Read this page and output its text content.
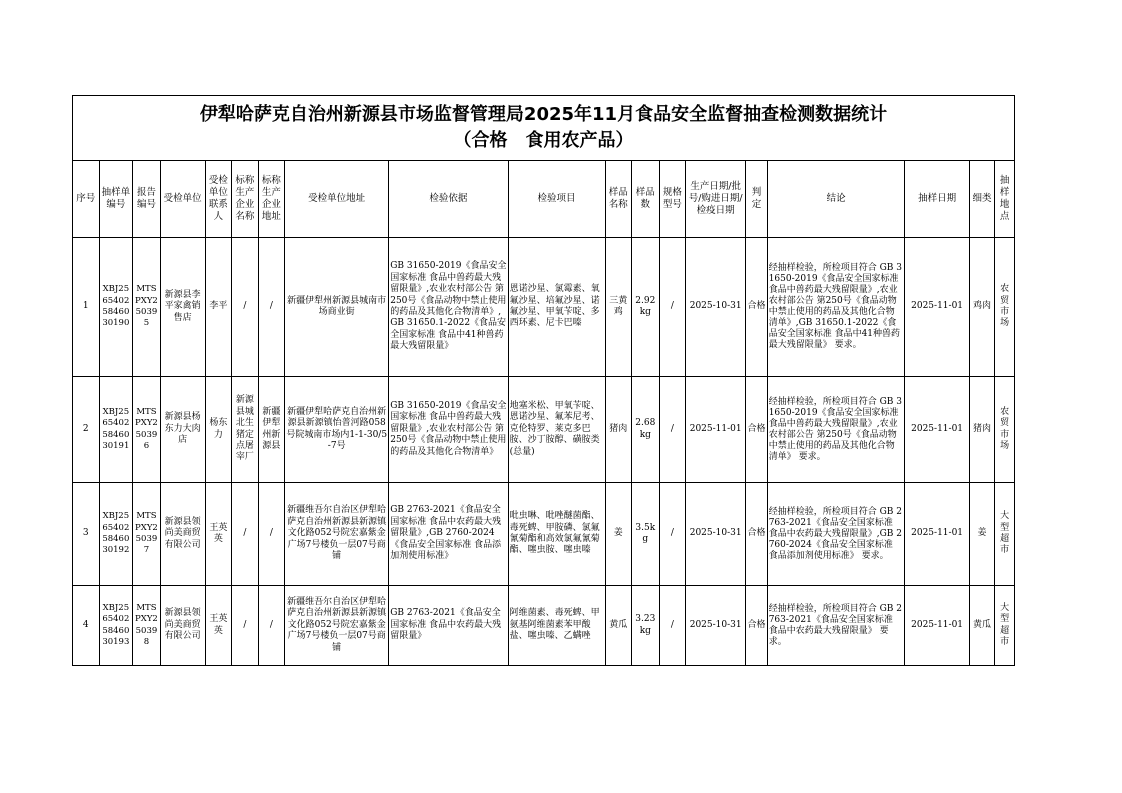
伊犁哈萨克自治州新源县市场监督管理局2025年11月食品安全监督抽查检测数据统计
（合格　食用农产品）																		

序号	抽样单编号	报告编号	受检单位	受检单位联系人	标称生产企业名称	标称生产企业地址	受检单位地址	检验依据	检验项目	样品名称	样品数	规格型号	生产日期/批号/购进日期/检疫日期	判定	结论	抽样日期	细类	抽样地点
1	XBJ25654025846030190	MTSPXY250395	新源县李平家禽销售店	李平	/	/	新疆伊犁州新源县城南市场商业街	GB 31650-2019《食品安全国家标准 食品中兽药最大残留限量》,农业农村部公告 第250号《食品动物中禁止使用的药品及其他化合物清单》,GB 31650.1-2022《食品安全国家标准 食品中41种兽药最大残留限量》	恩诺沙星、氯霉素、氧氟沙星、培氟沙星、诺氟沙星、甲氧苄啶、多西环素、尼卡巴嗪	三黄鸡	2.92kg	/	2025-10-31	合格	经抽样检验，所检项目符合 GB 31650-2019《食品安全国家标准 食品中兽药最大残留限量》,农业农村部公告 第250号《食品动物中禁止使用的药品及其他化合物清单》,GB 31650.1-2022《食品安全国家标准 食品中41种兽药最大残留限量》 要求。	2025-11-01	鸡肉	农贸市场
2	XBJ25654025846030191	MTSPXY250396	新源县杨东力大肉店	杨东力	新源县城北生猪定点屠宰厂	新疆伊犁州新源县	新疆伊犁哈萨克自治州新源县新源镇怡普河路058号院城南市场内1-1-30/5-7号	GB 31650-2019《食品安全国家标准 食品中兽药最大残留限量》,农业农村部公告 第250号《食品动物中禁止使用的药品及其他化合物清单》	地塞米松、甲氧苄啶、恩诺沙星、氟苯尼考、克伦特罗、莱克多巴胺、沙丁胺醇、磺胺类(总量)	猪肉	2.68kg	/	2025-11-01	合格	经抽样检验，所检项目符合 GB 31650-2019《食品安全国家标准 食品中兽药最大残留限量》,农业农村部公告 第250号《食品动物中禁止使用的药品及其他化合物清单》 要求。	2025-11-01	猪肉	农贸市场
3	XBJ25654025846030192	MTSPXY250397	新源县领尚美商贸有限公司	王英英	/	/	新疆维吾尔自治区伊犁哈萨克自治州新源县新源镇文化路052号院宏嘉紫金广场7号楼负一层07号商铺	GB 2763-2021《食品安全国家标准 食品中农药最大残留限量》,GB 2760-2024《食品安全国家标准 食品添加剂使用标准》	吡虫啉、吡唑醚菌酯、毒死蜱、甲胺磷、氯氟氰菊酯和高效氯氟氰菊酯、噻虫胺、噻虫嗪	姜	3.5kg	/	2025-10-31	合格	经抽样检验，所检项目符合 GB 2763-2021《食品安全国家标准 食品中农药最大残留限量》,GB 2760-2024《食品安全国家标准 食品添加剂使用标准》 要求。	2025-11-01	姜	大型超市
4	XBJ25654025846030193	MTSPXY250398	新源县领尚美商贸有限公司	王英英	/	/	新疆维吾尔自治区伊犁哈萨克自治州新源县新源镇文化路052号院宏嘉紫金广场7号楼负一层07号商铺	GB 2763-2021《食品安全国家标准 食品中农药最大残留限量》	阿维菌素、毒死蜱、甲氨基阿维菌素苯甲酸盐、噻虫嗪、乙螨唑	黄瓜	3.23kg	/	2025-10-31	合格	经抽样检验，所检项目符合 GB 2763-2021《食品安全国家标准 食品中农药最大残留限量》 要求。	2025-11-01	黄瓜	大型超市
